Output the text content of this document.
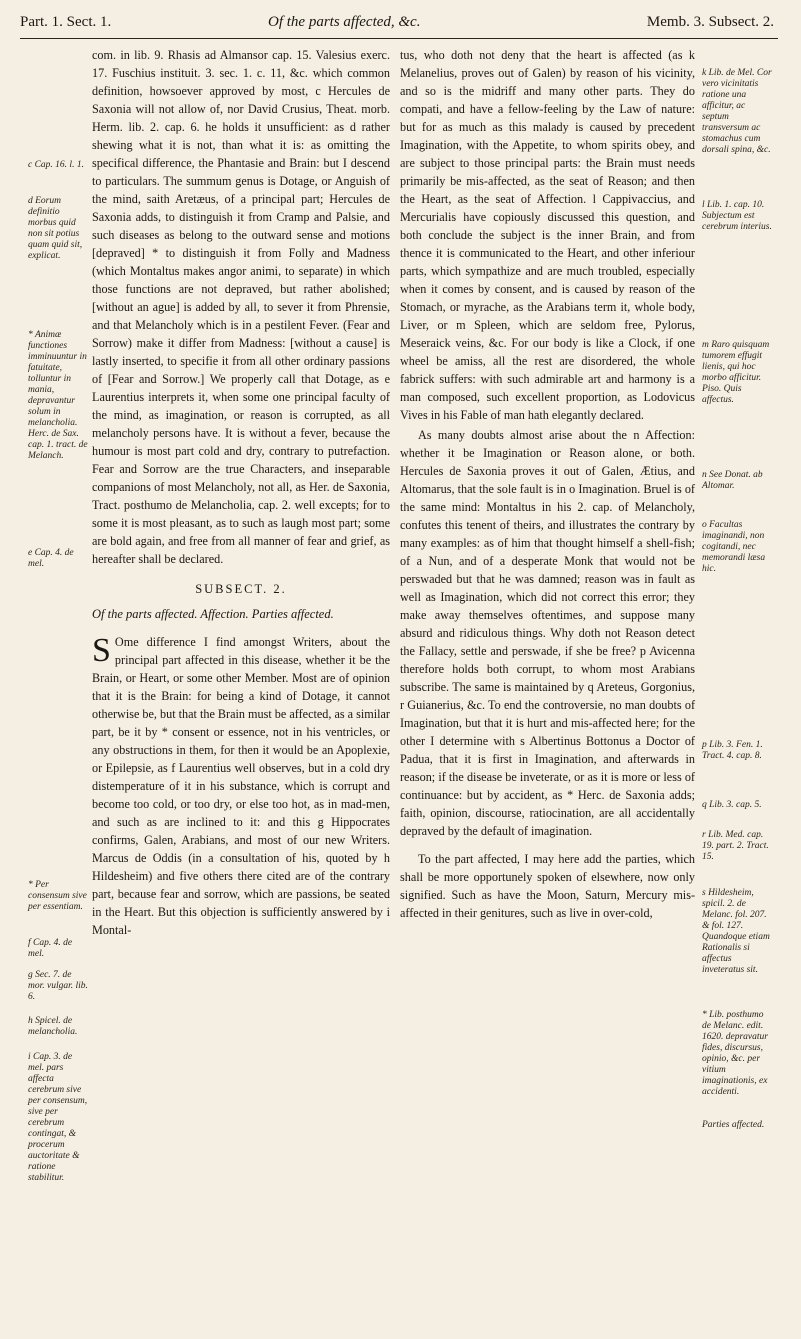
Part. 1. Sect. 1.	Of the parts affected, &c.	Memb. 3. Subsect. 2.
c Cap. 16. l. 1.
d Eorum definitio morbus quid non sit potius quam quid sit, explicat.
* Animæ functiones imminuuntur in fatuitate, tolluntur in mania, depravantur solum in melancholia. Herc. de Sax. cap. 1. tract. de Melanch.
e Cap. 4. de mel.
* Per consensum sive per essentiam.
f Cap. 4. de mel.
g Sec. 7. de mor. vulgar. lib. 6.
h Spicel. de melancholia.
i Cap. 3. de mel. pars affecta cerebrum sive per consensum, sive per cerebrum contingat, & procerum auctoritate & ratione stabilitur.

com. in lib. 9. Rhasis ad Almansor cap. 15. Valesius exerc. 17. Fuschius instituit. 3. sec. 1. c. 11, &c. which common definition, howsoever approved by most, c Hercules de Saxonia will not allow of, nor David Crusius, Theat. morb. Herm. lib. 2. cap. 6. he holds it unsufficient: as d rather shewing what it is not, than what it is: as omitting the specifical difference, the Phantasie and Brain: but I descend to particulars. The summum genus is Dotage, or Anguish of the mind, saith Aretæus, of a principal part; Hercules de Saxonia adds, to distinguish it from Cramp and Palsie, and such diseases as belong to the outward sense and motions [depraved] * to distinguish it from Folly and Madness (which Montaltus makes angor animi, to separate) in which those functions are not depraved, but rather abolished; [without an ague] is added by all, to sever it from Phrensie, and that Melancholy which is in a pestilent Fever. (Fear and Sorrow) make it differ from Madness: [without a cause] is lastly inserted, to specifie it from all other ordinary passions of [Fear and Sorrow.] We properly call that Dotage, as e Laurentius interprets it, when some one principal faculty of the mind, as imagination, or reason is corrupted, as all melancholy persons have. It is without a fever, because the humour is most part cold and dry, contrary to putrefaction. Fear and Sorrow are the true Characters, and inseparable companions of most Melancholy, not all, as Her. de Saxonia, Tract. posthumo de Melancholia, cap. 2. well excepts; for to some it is most pleasant, as to such as laugh most part; some are bold again, and free from all manner of fear and grief, as hereafter shall be declared.

SUBSECT. 2.
Of the parts affected. Affection. Parties affected.

S Ome difference I find amongst Writers, about the principal part affected in this disease, whether it be the Brain, or Heart, or some other Member. Most are of opinion that it is the Brain: for being a kind of Dotage, it cannot otherwise be, but that the Brain must be affected, as a similar part, be it by * consent or essence, not in his ventricles, or any obstructions in them, for then it would be an Apoplexie, or Epilepsie, as f Laurentius well observes, but in a cold dry distemperature of it in his substance, which is corrupt and become too cold, or too dry, or else too hot, as in mad-men, and such as are inclined to it: and this g Hippocrates confirms, Galen, Arabians, and most of our new Writers. Marcus de Oddis (in a consultation of his, quoted by h Hildesheim) and five others there cited are of the contrary part, because fear and sorrow, which are passions, be seated in the Heart. But this objection is sufficiently answered by i Montal-

tus, who doth not deny that the heart is affected (as k Melanelius, proves out of Galen) by reason of his vicinity, and so is the midriff and many other parts. They do compati, and have a fellow-feeling by the Law of nature: but for as much as this malady is caused by precedent Imagination, with the Appetite, to whom spirits obey, and are subject to those principal parts: the Brain must needs primarily be mis-affected, as the seat of Reason; and then the Heart, as the seat of Affection. l Cappivaccius, and Mercurialis have copiously discussed this question, and both conclude the subject is the inner Brain, and from thence it is communicated to the Heart, and other inferiour parts, which sympathize and are much troubled, especially when it comes by consent, and is caused by reason of the Stomach, or myrache, as the Arabians term it, whole body, Liver, or m Spleen, which are seldom free, Pylorus, Meseraick veins, &c. For our body is like a Clock, if one wheel be amiss, all the rest are disordered, the whole fabrick suffers: with such admirable art and harmony is a man composed, such excellent proportion, as Lodovicus Vives in his Fable of man hath elegantly declared.

As many doubts almost arise about the n Affection: whether it be Imagination or Reason alone, or both. Hercules de Saxonia proves it out of Galen, Ætius, and Altomarus, that the sole fault is in o Imagination. Bruel is of the same mind: Montaltus in his 2. cap. of Melancholy, confutes this tenent of theirs, and illustrates the contrary by many examples: as of him that thought himself a shell-fish; of a Nun, and of a desperate Monk that would not be perswaded but that he was damned; reason was in fault as well as Imagination, which did not correct this error; they make away themselves oftentimes, and suppose many absurd and ridiculous things. Why doth not Reason detect the Fallacy, settle and perswade, if she be free? p Avicenna therefore holds both corrupt, to whom most Arabians subscribe. The same is maintained by q Areteus, Gorgonius, r Guianerius, &c. To end the controversie, no man doubts of Imagination, but that it is hurt and mis-affected here; for the other I determine with s Albertinus Bottonus a Doctor of Padua, that it is first in Imagination, and afterwards in reason; if the disease be inveterate, or as it is more or less of continuance: but by accident, as * Herc. de Saxonia adds; faith, opinion, discourse, ratiocination, are all accidentally depraved by the default of imagination.

To the part affected, I may here add the parties, which shall be more opportunely spoken of elsewhere, now only signified. Such as have the Moon, Saturn, Mercury mis-affected in their genitures, such as live in over-cold,

k Lib. de Mel. Cor vero vicinitatis ratione una afficitur, ac septum transversum ac stomachus cum dorsali spina, &c.
l Lib. 1. cap. 10. Subjectum est cerebrum interius.
m Raro quisquam tumorem effugit lienis, qui hoc morbo afficitur. Piso. Quis affectus.
n See Donat. ab Altomar.
o Facultas imaginandi, non cogitandi, nec memorandi læsa hic.
p Lib. 3. Fen. 1. Tract. 4. cap. 8.
q Lib. 3. cap. 5.
r Lib. Med. cap. 19. part. 2. Tract. 15.
s Hildesheim, spicil. 2. de Melanc. fol. 207. & fol. 127. Quandoque etiam Rationalis si affectus inveteratus sit.
* Lib. posthumo de Melanc. edit. 1620. depravatur fides, discursus, opinio, &c. per vitium imaginationis, ex accidenti.
Parties affected.
